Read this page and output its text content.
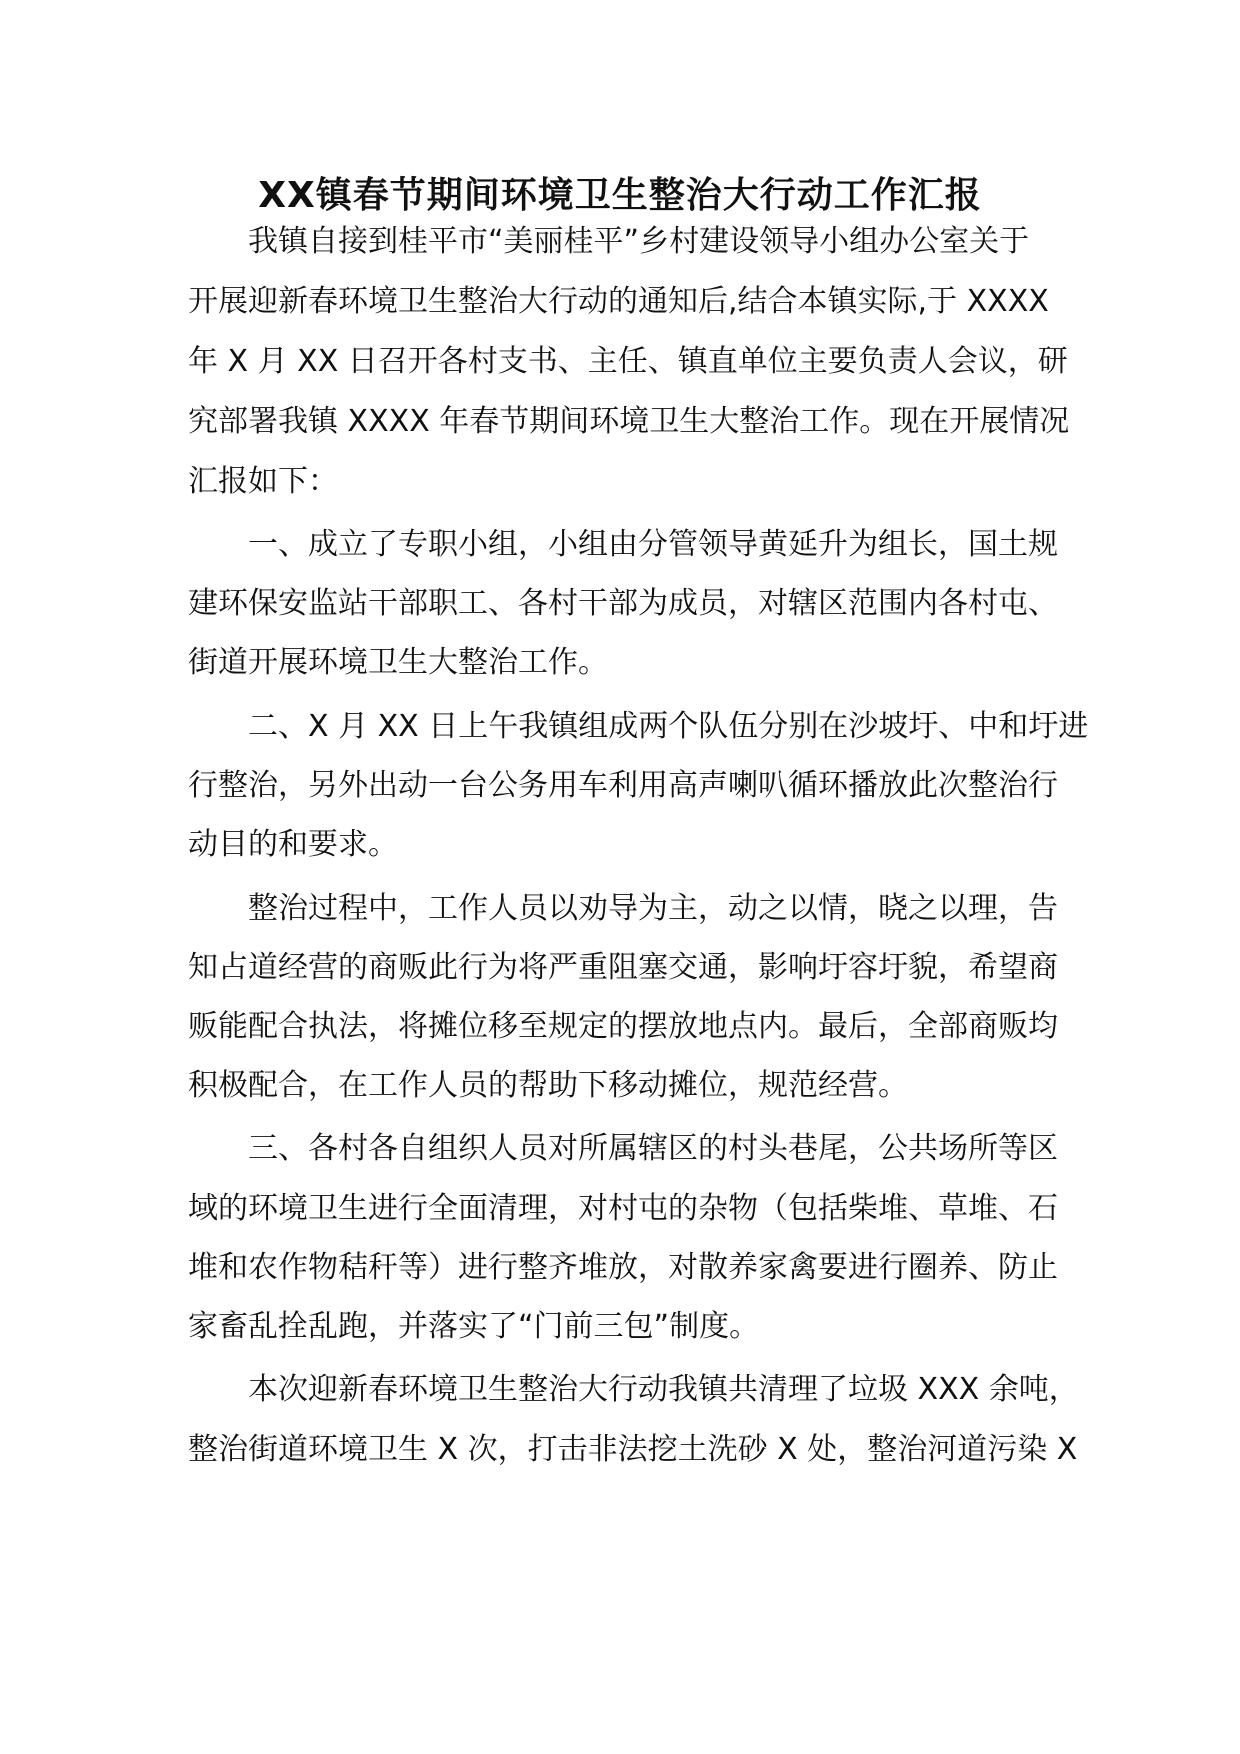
XX镇春节期间环境卫生整治大行动工作汇报
我镇自接到桂平市“美丽桂平”乡村建设领导小组办公室关于
开展迎新春环境卫生整治大行动的通知后,结合本镇实际,于 XXXX
年 X 月 XX 日召开各村支书、主任、镇直单位主要负责人会议，研
究部署我镇 XXXX 年春节期间环境卫生大整治工作。现在开展情况
汇报如下：
一、成立了专职小组，小组由分管领导黄延升为组长，国土规
建环保安监站干部职工、各村干部为成员，对辖区范围内各村屯、
街道开展环境卫生大整治工作。
二、X 月 XX 日上午我镇组成两个队伍分别在沙坡圩、中和圩进
行整治，另外出动一台公务用车利用高声喇叭循环播放此次整治行
动目的和要求。
整治过程中，工作人员以劝导为主，动之以情，晓之以理，告
知占道经营的商贩此行为将严重阻塞交通，影响圩容圩貌，希望商
贩能配合执法，将摊位移至规定的摆放地点内。最后，全部商贩均
积极配合，在工作人员的帮助下移动摊位，规范经营。
三、各村各自组织人员对所属辖区的村头巷尾，公共场所等区
域的环境卫生进行全面清理，对村屯的杂物（包括柴堆、草堆、石
堆和农作物秸秆等）进行整齐堆放，对散养家禽要进行圈养、防止
家畜乱拴乱跑，并落实了“门前三包”制度。
本次迎新春环境卫生整治大行动我镇共清理了垃圾 XXX 余吨，
整治街道环境卫生 X 次，打击非法挖土洗砂 X 处，整治河道污染 X
